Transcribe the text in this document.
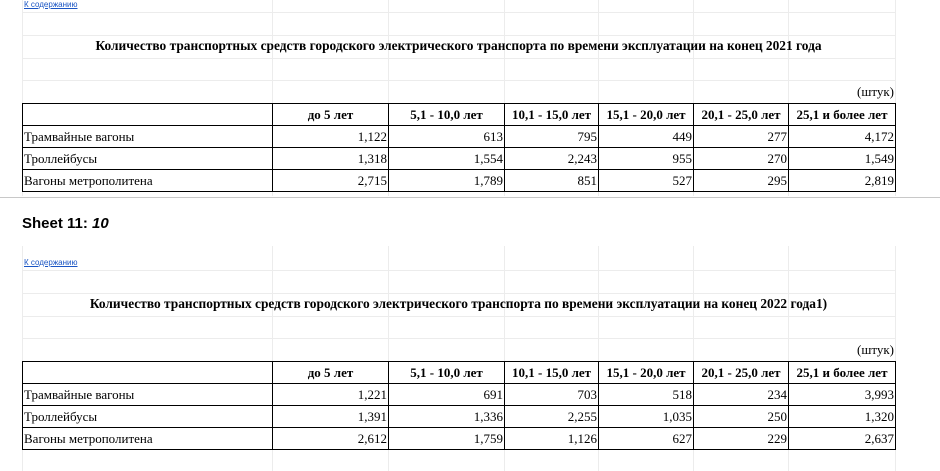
К содержанию
Количество транспортных средств городского электрического транспорта по времени эксплуатации на конец 2021 года
(штук)
	до 5 лет	5,1 - 10,0 лет	10,1 - 15,0 лет	15,1 - 20,0 лет	20,1 - 25,0 лет	25,1 и более лет
Трамвайные вагоны	1,122	613	795	449	277	4,172
Троллейбусы	1,318	1,554	2,243	955	270	1,549
Вагоны метрополитена	2,715	1,789	851	527	295	2,819
Sheet 11: 10
К содержанию
Количество транспортных средств городского электрического транспорта по времени эксплуатации на конец 2022 года1)
(штук)
	до 5 лет	5,1 - 10,0 лет	10,1 - 15,0 лет	15,1 - 20,0 лет	20,1 - 25,0 лет	25,1 и более лет
Трамвайные вагоны	1,221	691	703	518	234	3,993
Троллейбусы	1,391	1,336	2,255	1,035	250	1,320
Вагоны метрополитена	2,612	1,759	1,126	627	229	2,637
